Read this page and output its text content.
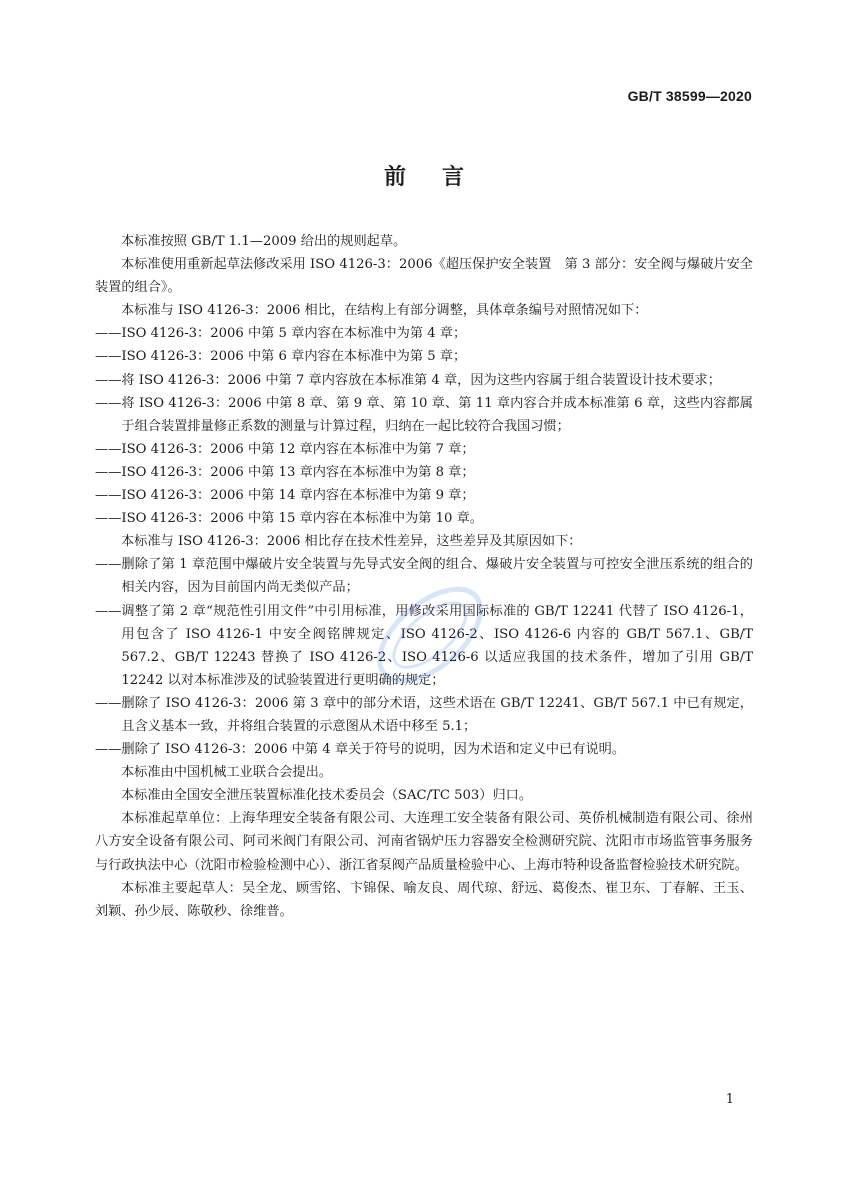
GB/T 38599—2020
前言

本标准按照 GB/T 1.1—2009 给出的规则起草。

本标准使用重新起草法修改采用 ISO 4126-3：2006《超压保护安全装置　第 3 部分：安全阀与爆破片安全装置的组合》。

本标准与 ISO 4126-3：2006 相比，在结构上有部分调整，具体章条编号对照情况如下：

—— ISO 4126-3：2006 中第 5 章内容在本标准中为第 4 章；
—— ISO 4126-3：2006 中第 6 章内容在本标准中为第 5 章；
—— 将 ISO 4126-3：2006 中第 7 章内容放在本标准第 4 章，因为这些内容属于组合装置设计技术要求；
—— 将 ISO 4126-3：2006 中第 8 章、第 9 章、第 10 章、第 11 章内容合并成本标准第 6 章，这些内容都属于组合装置排量修正系数的测量与计算过程，归纳在一起比较符合我国习惯；
—— ISO 4126-3：2006 中第 12 章内容在本标准中为第 7 章；
—— ISO 4126-3：2006 中第 13 章内容在本标准中为第 8 章；
—— ISO 4126-3：2006 中第 14 章内容在本标准中为第 9 章；
—— ISO 4126-3：2006 中第 15 章内容在本标准中为第 10 章。

本标准与 ISO 4126-3：2006 相比存在技术性差异，这些差异及其原因如下：

—— 删除了第 1 章范围中爆破片安全装置与先导式安全阀的组合、爆破片安全装置与可控安全泄压系统的组合的相关内容，因为目前国内尚无类似产品；
—— 调整了第 2 章“规范性引用文件”中引用标准，用修改采用国际标准的 GB/T 12241 代替了 ISO 4126-1，用包含了 ISO 4126-1 中安全阀铭牌规定、ISO 4126-2、ISO 4126-6 内容的 GB/T 567.1、GB/T 567.2、GB/T 12243 替换了 ISO 4126-2、ISO 4126-6 以适应我国的技术条件，增加了引用 GB/T 12242 以对本标准涉及的试验装置进行更明确的规定；
—— 删除了 ISO 4126-3：2006 第 3 章中的部分术语，这些术语在 GB/T 12241、GB/T 567.1 中已有规定，且含义基本一致，并将组合装置的示意图从术语中移至 5.1；
—— 删除了 ISO 4126-3：2006 中第 4 章关于符号的说明，因为术语和定义中已有说明。

本标准由中国机械工业联合会提出。

本标准由全国安全泄压装置标准化技术委员会（SAC/TC 503）归口。

本标准起草单位：上海华理安全装备有限公司、大连理工安全装备有限公司、英侨机械制造有限公司、徐州八方安全设备有限公司、阿司米阀门有限公司、河南省锅炉压力容器安全检测研究院、沈阳市市场监管事务服务与行政执法中心（沈阳市检验检测中心）、浙江省泵阀产品质量检验中心、上海市特种设备监督检验技术研究院。

本标准主要起草人：吴全龙、顾雪铭、卞锦保、喻友良、周代琼、舒远、葛俊杰、崔卫东、丁春解、王玉、刘颖、孙少辰、陈敬秒、徐维普。

1
